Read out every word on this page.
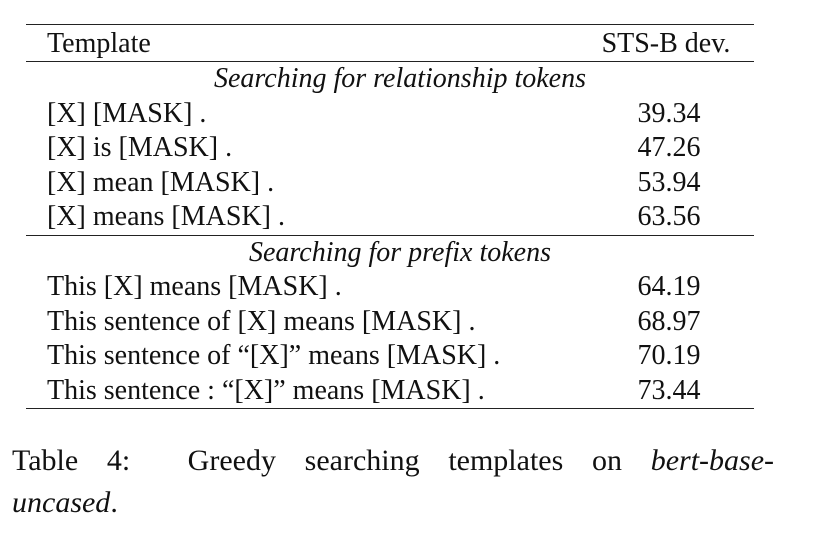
Template	STS-B dev.
Searching for relationship tokens
[X] [MASK] .	39.34
[X] is [MASK] .	47.26
[X] mean [MASK] .	53.94
[X] means [MASK] .	63.56
Searching for prefix tokens
This [X] means [MASK] .	64.19
This sentence of [X] means [MASK] .	68.97
This sentence of “[X]” means [MASK] .	70.19
This sentence : “[X]” means [MASK] .	73.44
Table 4: Greedy searching templates on bert-base-
uncased.
